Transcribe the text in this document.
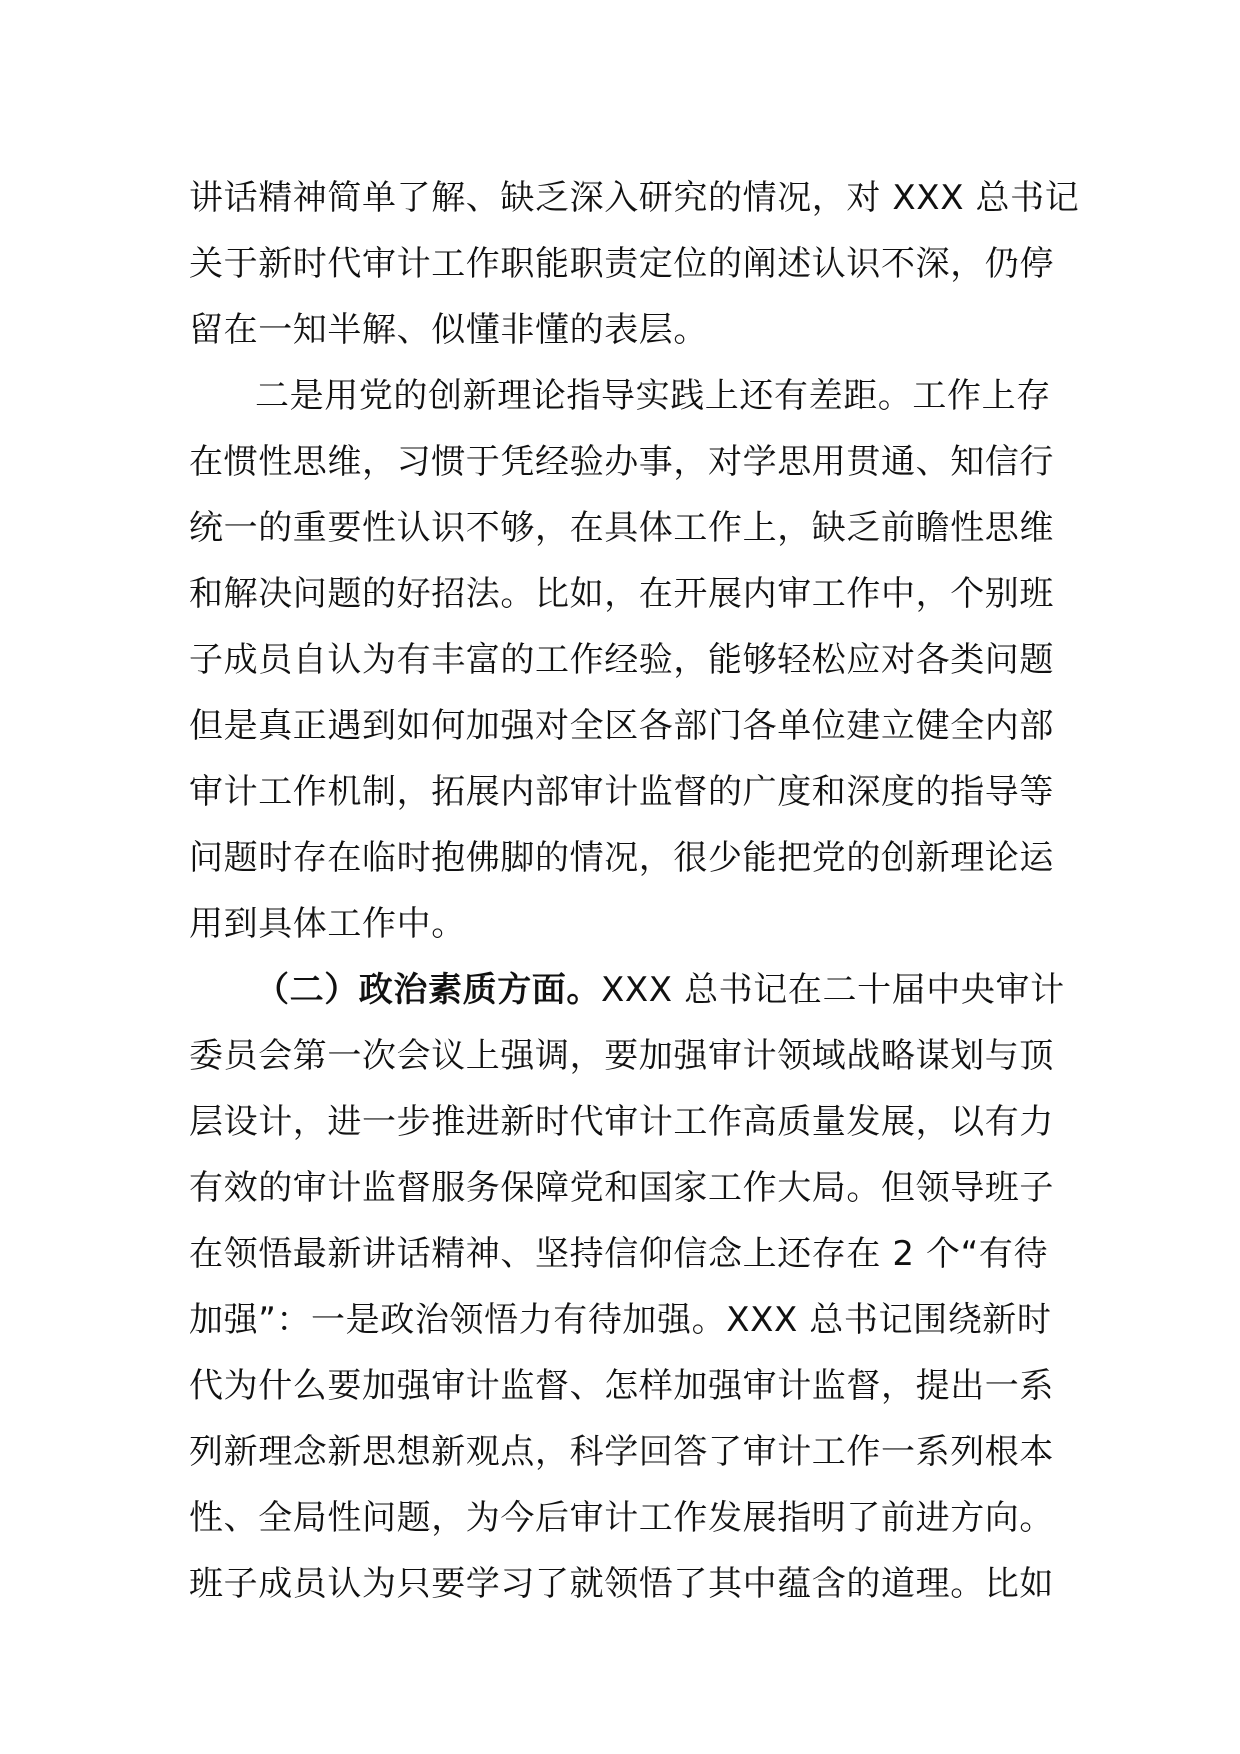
讲话精神简单了解、缺乏深入研究的情况，对 XXX 总书记
关于新时代审计工作职能职责定位的阐述认识不深，仍停
留在一知半解、似懂非懂的表层。
二是用党的创新理论指导实践上还有差距。工作上存
在惯性思维，习惯于凭经验办事，对学思用贯通、知信行
统一的重要性认识不够，在具体工作上，缺乏前瞻性思维
和解决问题的好招法。比如，在开展内审工作中，个别班
子成员自认为有丰富的工作经验，能够轻松应对各类问题
但是真正遇到如何加强对全区各部门各单位建立健全内部
审计工作机制，拓展内部审计监督的广度和深度的指导等
问题时存在临时抱佛脚的情况，很少能把党的创新理论运
用到具体工作中。
（二）政治素质方面。XXX 总书记在二十届中央审计
委员会第一次会议上强调，要加强审计领域战略谋划与顶
层设计，进一步推进新时代审计工作高质量发展，以有力
有效的审计监督服务保障党和国家工作大局。但领导班子
在领悟最新讲话精神、坚持信仰信念上还存在 2 个“有待
加强”：一是政治领悟力有待加强。XXX 总书记围绕新时
代为什么要加强审计监督、怎样加强审计监督，提出一系
列新理念新思想新观点，科学回答了审计工作一系列根本
性、全局性问题，为今后审计工作发展指明了前进方向。
班子成员认为只要学习了就领悟了其中蕴含的道理。比如
